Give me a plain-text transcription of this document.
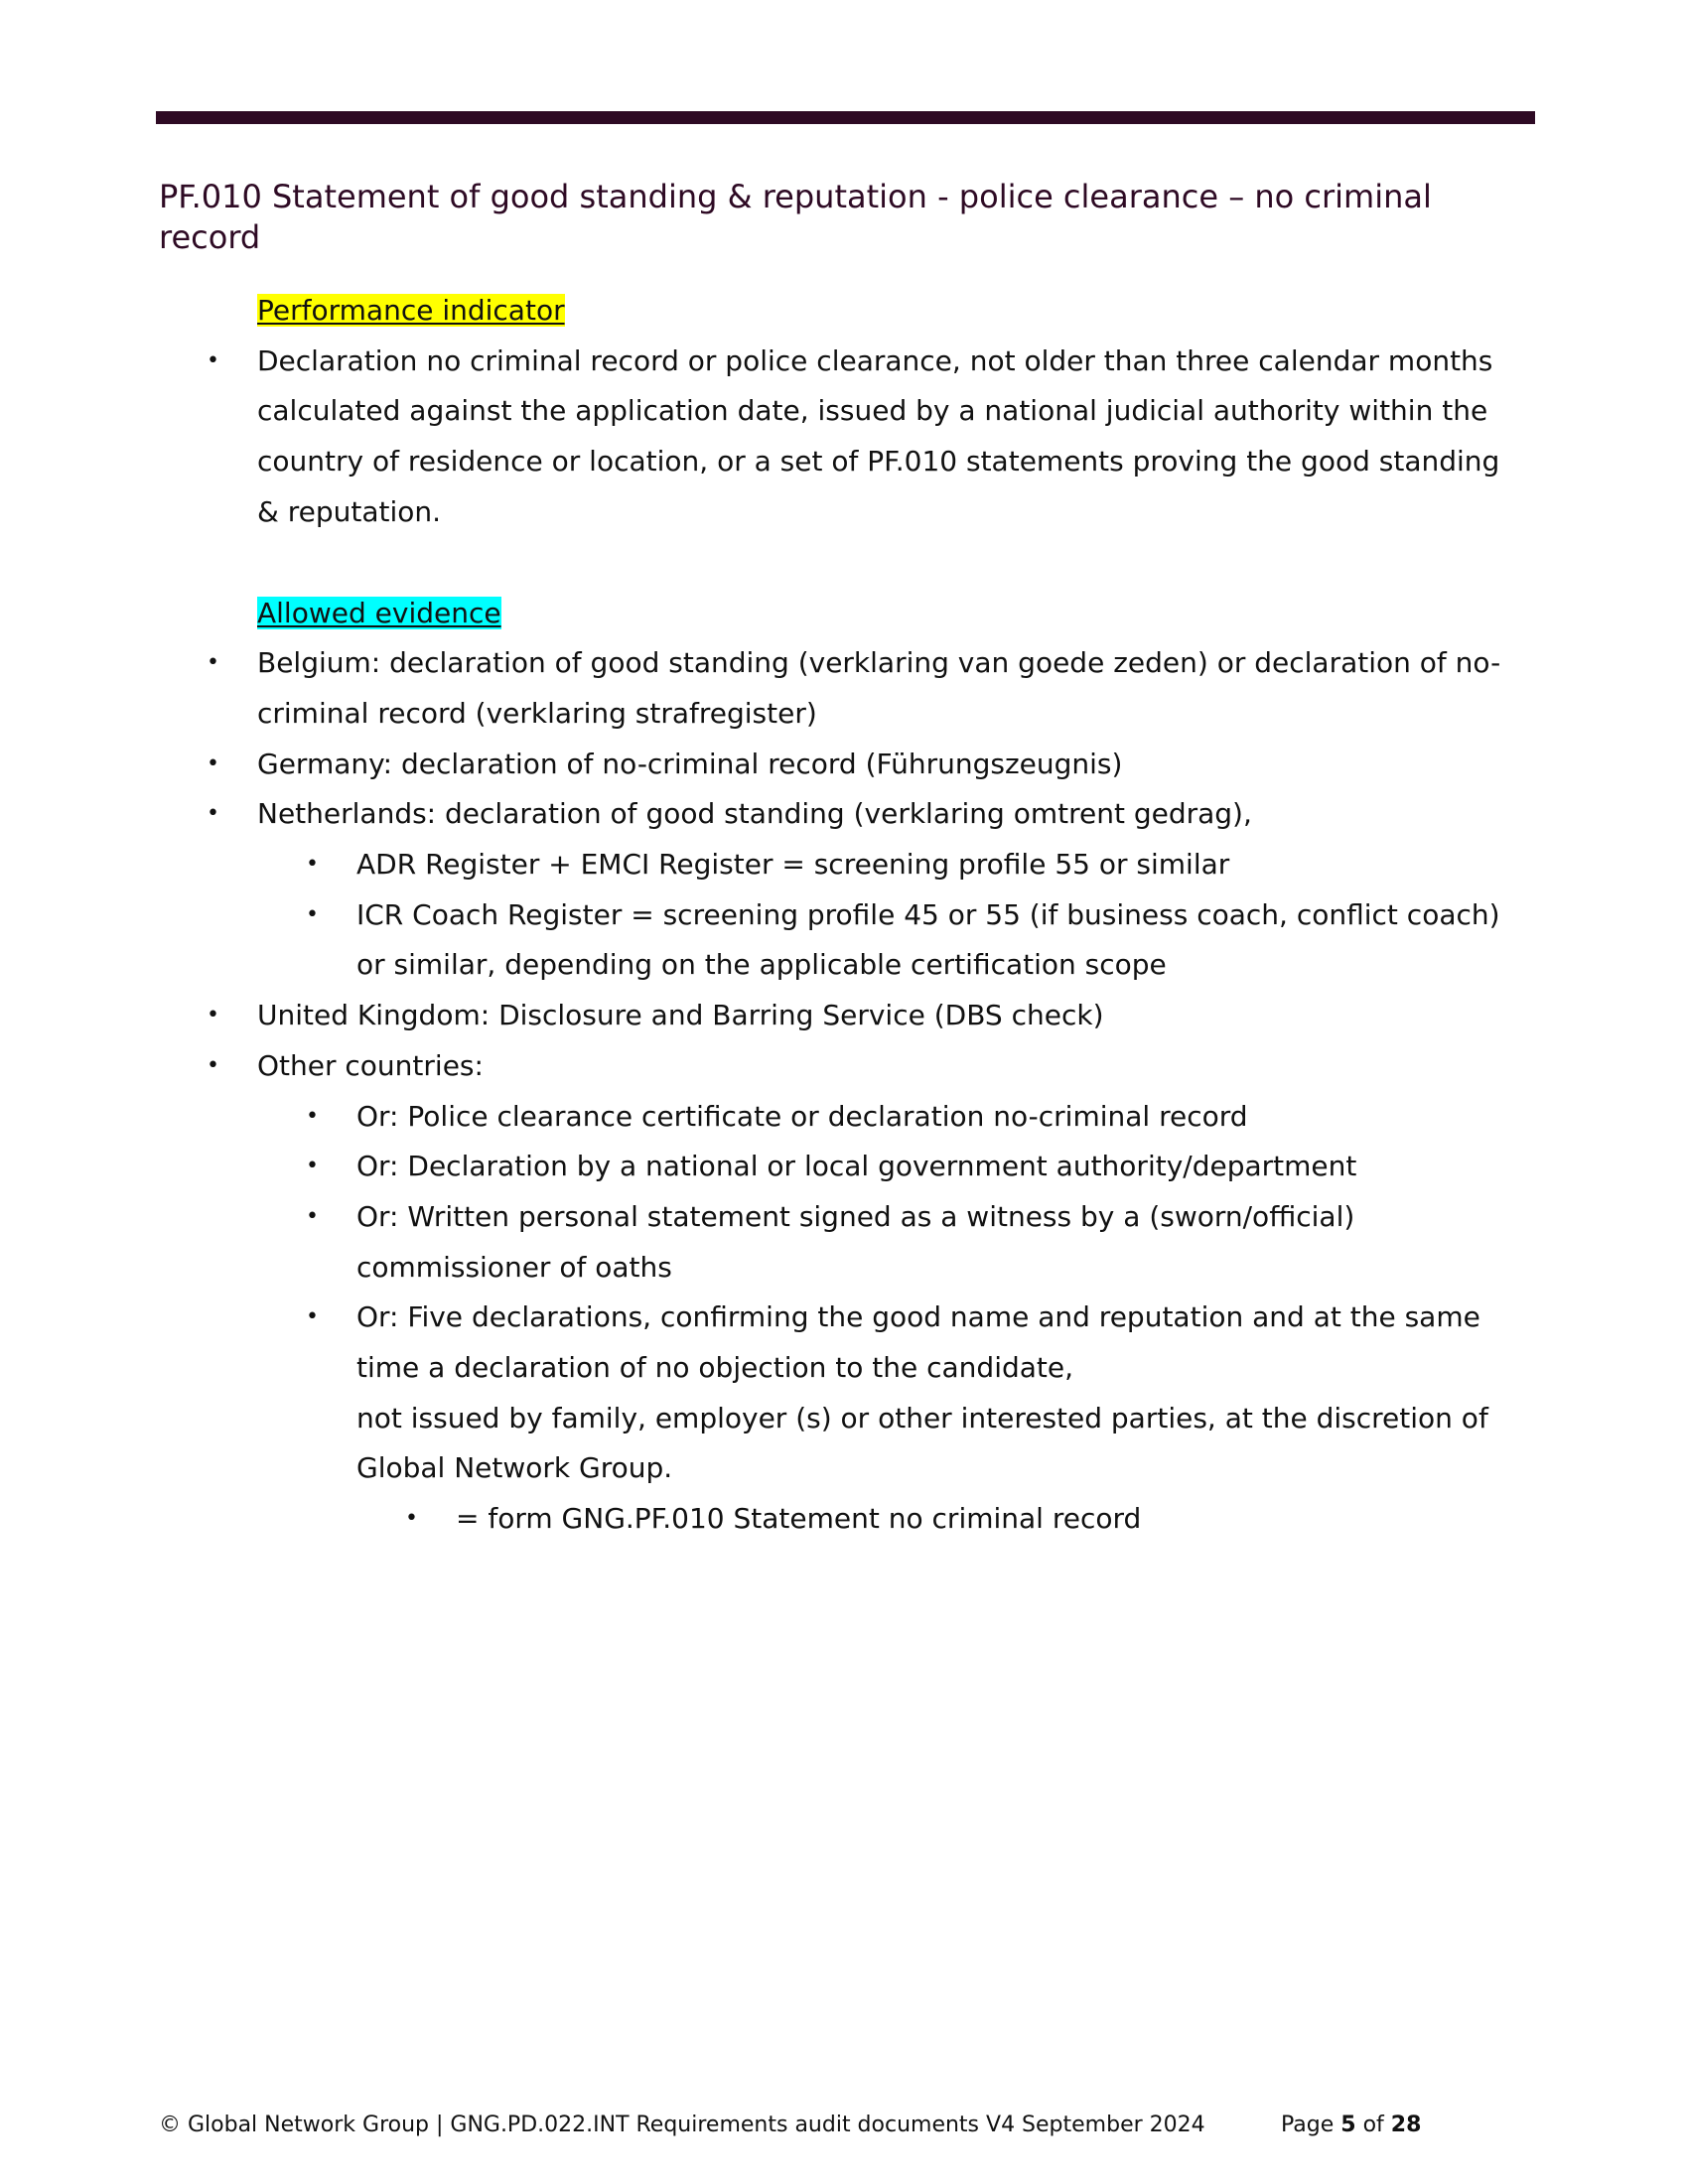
PF.010 Statement of good standing & reputation - police clearance – no criminal record

Performance indicator

• Declaration no criminal record or police clearance, not older than three calendar months calculated against the application date, issued by a national judicial authority within the country of residence or location, or a set of PF.010 statements proving the good standing & reputation.

Allowed evidence

• Belgium: declaration of good standing (verklaring van goede zeden) or declaration of no-criminal record (verklaring strafregister)
• Germany: declaration of no-criminal record (Führungszeugnis)
• Netherlands: declaration of good standing (verklaring omtrent gedrag),
• ADR Register + EMCI Register = screening profile 55 or similar
• ICR Coach Register = screening profile 45 or 55 (if business coach, conflict coach) or similar, depending on the applicable certification scope
• United Kingdom: Disclosure and Barring Service (DBS check)
• Other countries:
• Or: Police clearance certificate or declaration no-criminal record
• Or: Declaration by a national or local government authority/department
• Or: Written personal statement signed as a witness by a (sworn/official) commissioner of oaths
• Or: Five declarations, confirming the good name and reputation and at the same time a declaration of no objection to the candidate,
not issued by family, employer (s) or other interested parties, at the discretion of Global Network Group.
• = form GNG.PF.010 Statement no criminal record
© Global Network Group | GNG.PD.022.INT Requirements audit documents V4 September 2024	Page 5 of 28
